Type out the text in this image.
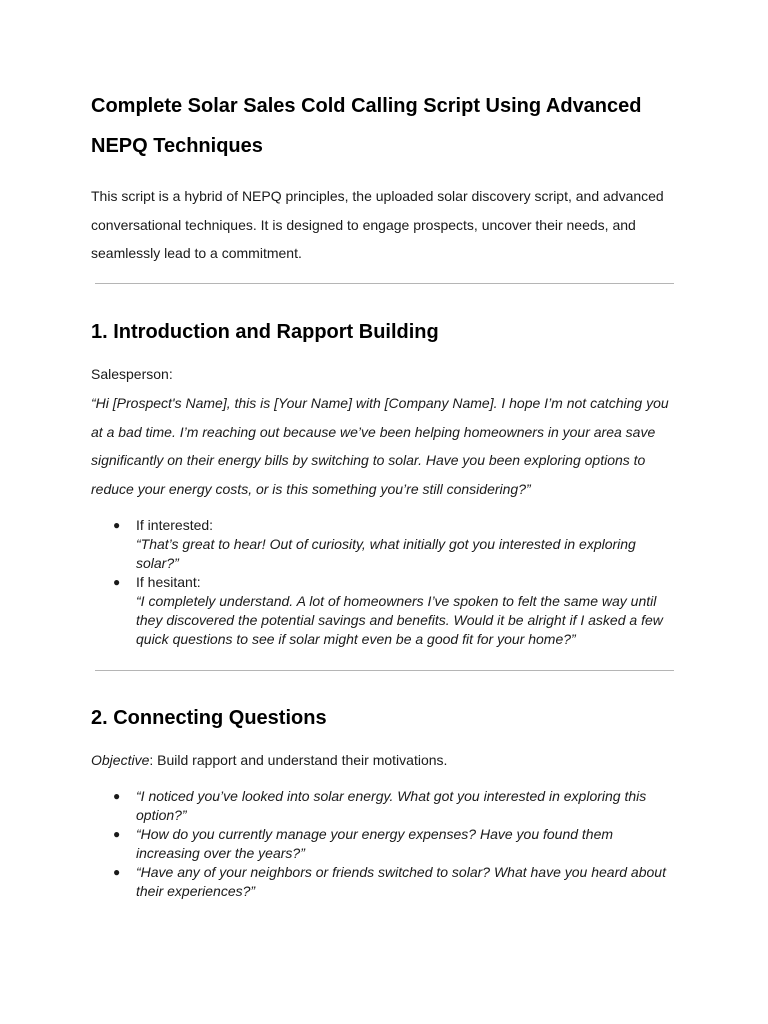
Complete Solar Sales Cold Calling Script Using Advanced NEPQ Techniques

This script is a hybrid of NEPQ principles, the uploaded solar discovery script, and advanced conversational techniques. It is designed to engage prospects, uncover their needs, and seamlessly lead to a commitment.

1. Introduction and Rapport Building
Salesperson:

“Hi [Prospect's Name], this is [Your Name] with [Company Name]. I hope I’m not catching you at a bad time. I’m reaching out because we’ve been helping homeowners in your area save significantly on their energy bills by switching to solar. Have you been exploring options to reduce your energy costs, or is this something you’re still considering?”

● If interested:
“That’s great to hear! Out of curiosity, what initially got you interested in exploring solar?”
● If hesitant:
“I completely understand. A lot of homeowners I’ve spoken to felt the same way until they discovered the potential savings and benefits. Would it be alright if I asked a few quick questions to see if solar might even be a good fit for your home?”
2. Connecting Questions
Objective: Build rapport and understand their motivations.
● “I noticed you’ve looked into solar energy. What got you interested in exploring this option?”
● “How do you currently manage your energy expenses? Have you found them increasing over the years?”
● “Have any of your neighbors or friends switched to solar? What have you heard about their experiences?”
